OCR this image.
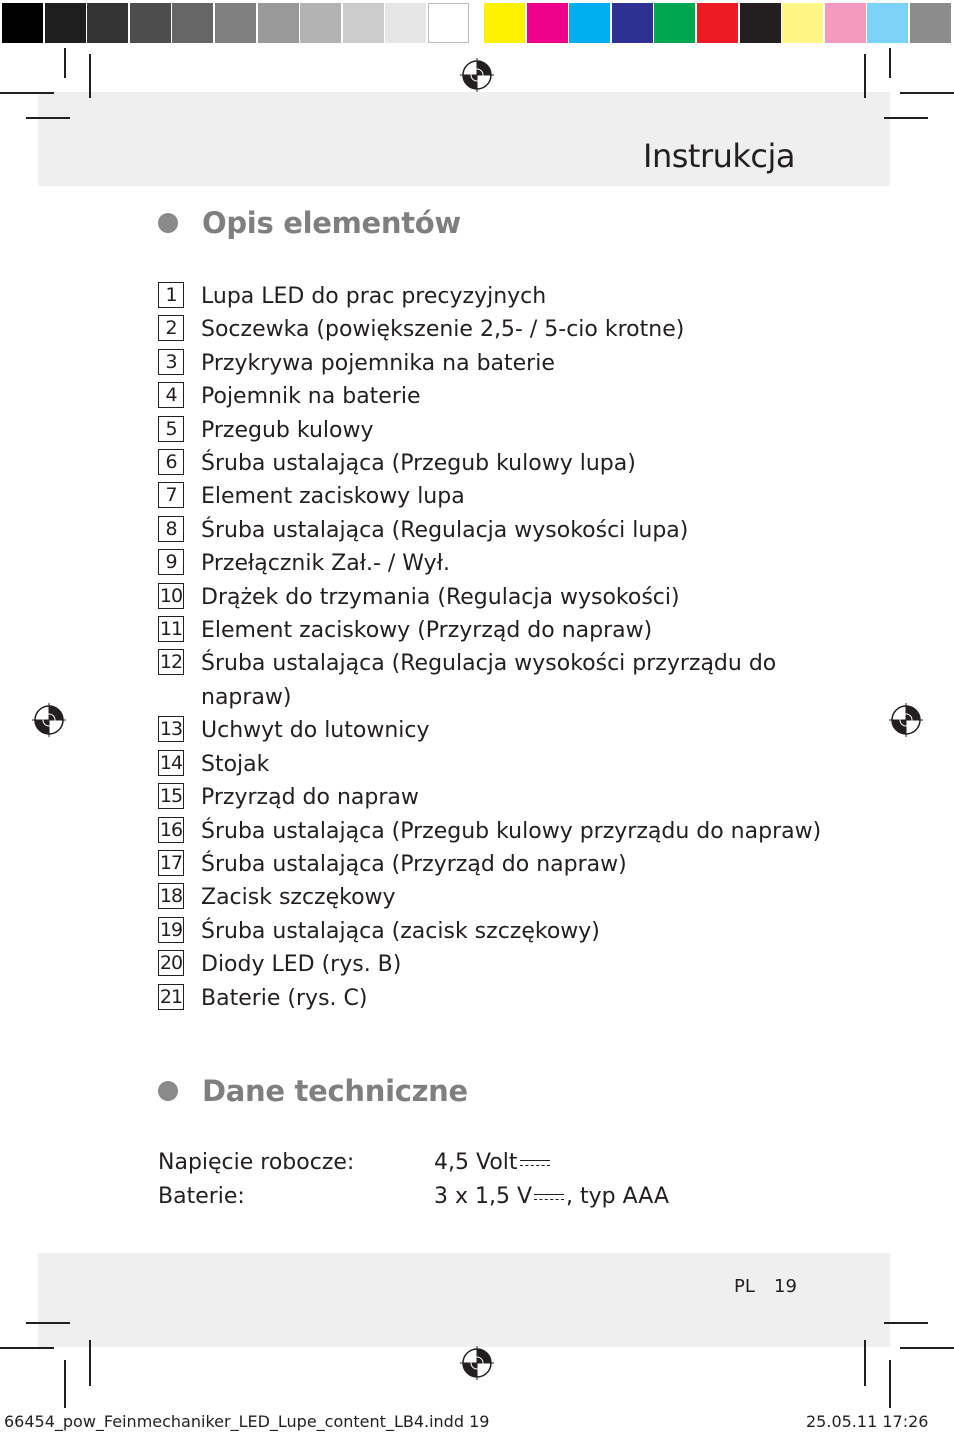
Instrukcja
Opis elementów
1	Lupa LED do prac precyzyjnych
2	Soczewka (powiększenie 2,5- / 5-cio krotne)
3	Przykrywa pojemnika na baterie
4	Pojemnik na baterie
5	Przegub kulowy
6	Śruba ustalająca (Przegub kulowy lupa)
7	Element zaciskowy lupa
8	Śruba ustalająca (Regulacja wysokości lupa)
9	Przełącznik Zał.- / Wył.
10 Drążek do trzymania (Regulacja wysokości)
11 Element zaciskowy (Przyrząd do napraw)
12 Śruba ustalająca (Regulacja wysokości przyrządu do napraw)
13 Uchwyt do lutownicy
14 Stojak
15 Przyrząd do napraw
16 Śruba ustalająca (Przegub kulowy przyrządu do napraw)
17 Śruba ustalająca (Przyrząd do napraw)
18 Zacisk szczękowy
19 Śruba ustalająca (zacisk szczękowy)
20 Diody LED (rys. B)
21 Baterie (rys. C)
Dane techniczne
Napięcie robocze:	4,5 Volt
Baterie:	3 x 1,5 V , typ AAA
PL 19
66454_pow_Feinmechaniker_LED_Lupe_content_LB4.indd 19	25.05.11 17:26
